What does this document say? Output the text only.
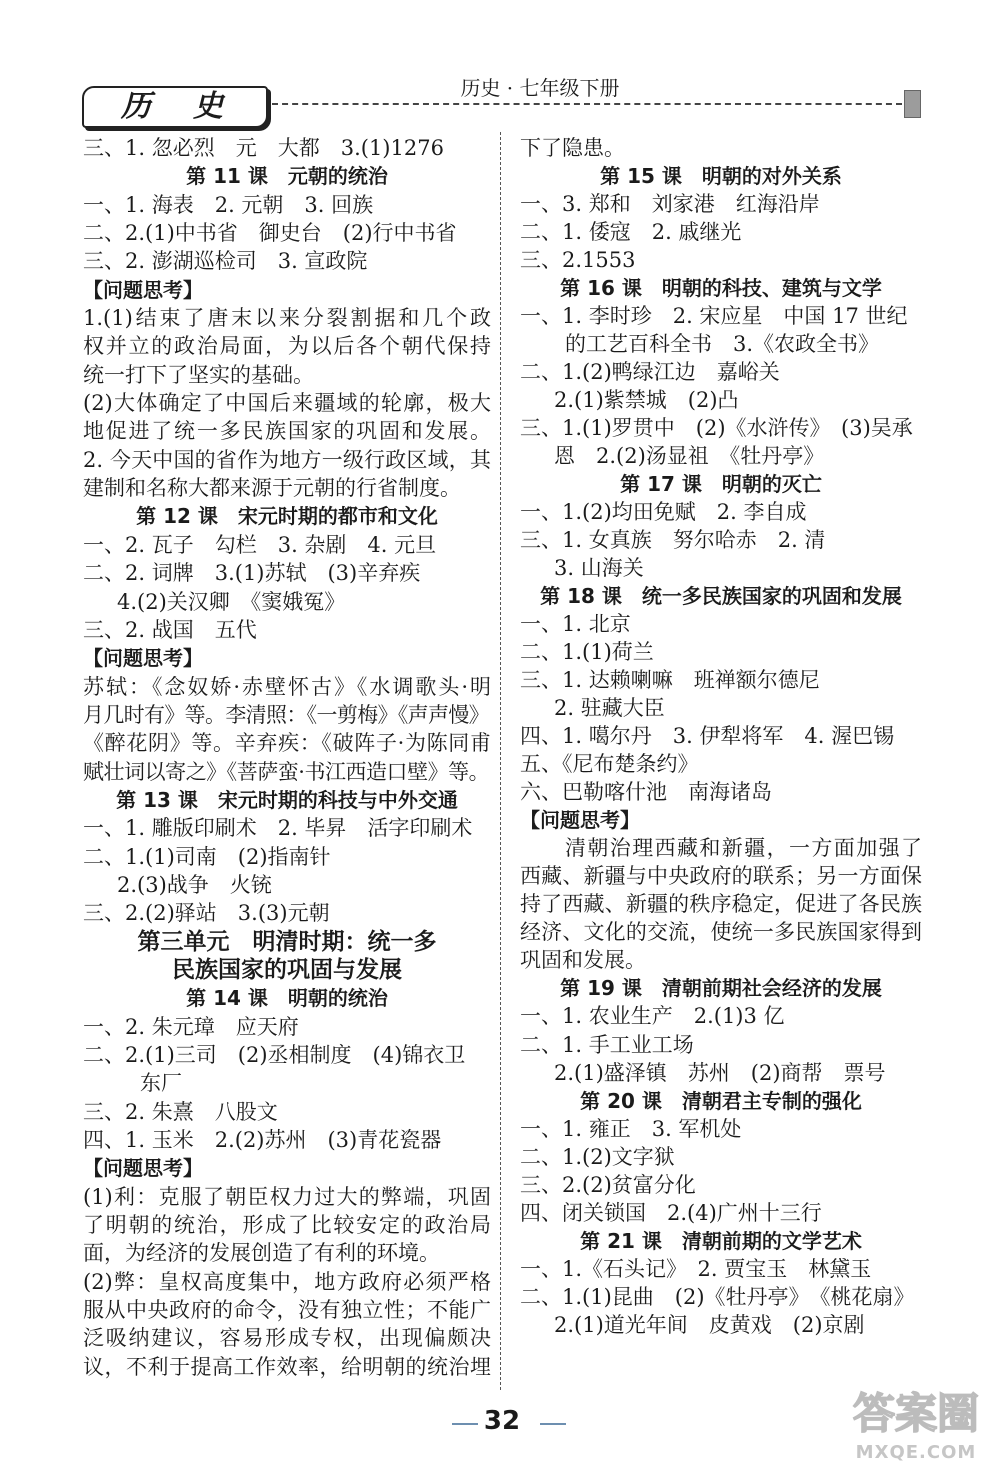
历　史
历史 · 七年级下册
三、1. 忽必烈　元　大都　3.(1)1276
第 11 课　元朝的统治
一、1. 海表　2. 元朝　3. 回族
二、2.(1)中书省　御史台　(2)行中书省
三、2. 澎湖巡检司　3. 宣政院
【问题思考】
1.(1)结束了唐末以来分裂割据和几个政
权并立的政治局面，为以后各个朝代保持
统一打下了坚实的基础。
(2)大体确定了中国后来疆域的轮廓，极大
地促进了统一多民族国家的巩固和发展。
2. 今天中国的省作为地方一级行政区域，其
建制和名称大都来源于元朝的行省制度。
第 12 课　宋元时期的都市和文化
一、2. 瓦子　勾栏　3. 杂剧　4. 元旦
二、2. 词牌　3.(1)苏轼　(3)辛弃疾
4.(2)关汉卿　《窦娥冤》
三、2. 战国　五代
【问题思考】
苏轼：《念奴娇·赤壁怀古》《水调歌头·明
月几时有》等。李清照：《一剪梅》《声声慢》
《醉花阴》等。辛弃疾：《破阵子·为陈同甫
赋壮词以寄之》《菩萨蛮·书江西造口壁》等。
第 13 课　宋元时期的科技与中外交通
一、1. 雕版印刷术　2. 毕昇　活字印刷术
二、1.(1)司南　(2)指南针
2.(3)战争　火铳
三、2.(2)驿站　3.(3)元朝
第三单元　明清时期：统一多
民族国家的巩固与发展
第 14 课　明朝的统治
一、2. 朱元璋　应天府
二、2.(1)三司　(2)丞相制度　(4)锦衣卫
东厂
三、2. 朱熹　八股文
四、1. 玉米　2.(2)苏州　(3)青花瓷器
【问题思考】
(1)利：克服了朝臣权力过大的弊端，巩固
了明朝的统治，形成了比较安定的政治局
面，为经济的发展创造了有利的环境。
(2)弊：皇权高度集中，地方政府必须严格
服从中央政府的命令，没有独立性；不能广
泛吸纳建议，容易形成专权，出现偏颇决
议，不利于提高工作效率，给明朝的统治埋
下了隐患。
第 15 课　明朝的对外关系
一、3. 郑和　刘家港　红海沿岸
二、1. 倭寇　2. 戚继光
三、2.1553
第 16 课　明朝的科技、建筑与文学
一、1. 李时珍　2. 宋应星　中国 17 世纪
的工艺百科全书　3.《农政全书》
二、1.(2)鸭绿江边　嘉峪关
2.(1)紫禁城　(2)凸
三、1.(1)罗贯中　(2)《水浒传》　(3)吴承
恩　2.(2)汤显祖　《牡丹亭》
第 17 课　明朝的灭亡
一、1.(2)均田免赋　2. 李自成
三、1. 女真族　努尔哈赤　2. 清
3. 山海关
第 18 课　统一多民族国家的巩固和发展
一、1. 北京
二、1.(1)荷兰
三、1. 达赖喇嘛　班禅额尔德尼
2. 驻藏大臣
四、1. 噶尔丹　3. 伊犁将军　4. 渥巴锡
五、《尼布楚条约》
六、巴勒喀什池　南海诸岛
【问题思考】
清朝治理西藏和新疆，一方面加强了
西藏、新疆与中央政府的联系；另一方面保
持了西藏、新疆的秩序稳定，促进了各民族
经济、文化的交流，使统一多民族国家得到
巩固和发展。
第 19 课　清朝前期社会经济的发展
一、1. 农业生产　2.(1)3 亿
二、1. 手工业工场
2.(1)盛泽镇　苏州　(2)商帮　票号
第 20 课　清朝君主专制的强化
一、1. 雍正　3. 军机处
二、1.(2)文字狱
三、2.(2)贫富分化
四、闭关锁国　2.(4)广州十三行
第 21 课　清朝前期的文学艺术
一、1.《石头记》　2. 贾宝玉　林黛玉
二、1.(1)昆曲　(2)《牡丹亭》　《桃花扇》
2.(1)道光年间　皮黄戏　(2)京剧
32	答案圈
MXQE.COM
